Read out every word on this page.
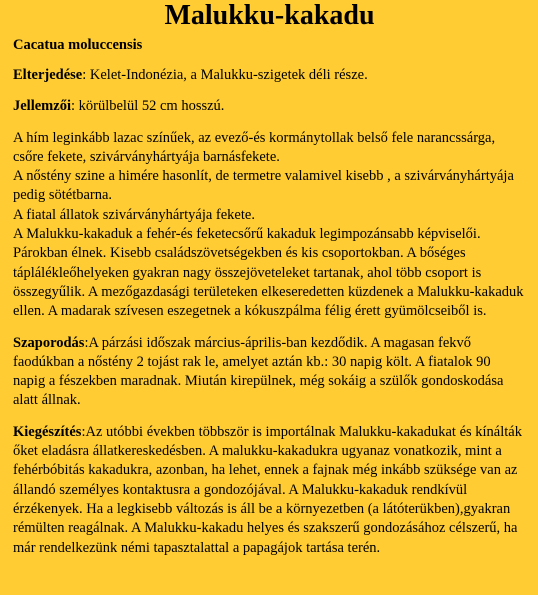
Malukku-kakadu

Cacatua moluccensis

Elterjedése: Kelet-Indonézia, a Malukku-szigetek déli része.

Jellemzői: körülbelül 52 cm hosszú.

A hím leginkább lazac színűek, az evező-és kormánytollak belső fele narancssárga, csőre fekete, szivárványhártyája barnásfekete.

A nőstény szine a himére hasonlít, de termetre valamivel kisebb , a szivárványhártyája pedig sötétbarna.

A fiatal állatok szivárványhártyája fekete.

A Malukku-kakaduk a fehér-és feketecsőrű kakaduk legimpozánsabb képviselői. Párokban élnek. Kisebb családszövetségekben és kis csoportokban. A bőséges táplálékleőhelyeken gyakran nagy összejöveteleket tartanak, ahol több csoport is összegyűlik. A mezőgazdasági területeken elkeseredetten küzdenek a Malukku-kakaduk ellen. A madarak szívesen eszegetnek a kókuszpálma félig érett gyümölcseiből is.

Szaporodás:A párzási időszak március-április-ban kezdődik. A magasan fekvő faodúkban a nőstény 2 tojást rak le, amelyet aztán kb.: 30 napig költ. A fiatalok 90 napig a fészekben maradnak. Miután kirepülnek, még sokáig a szülők gondoskodása alatt állnak.

Kiegészítés:Az utóbbi években többször is importálnak Malukku-kakadukat és kínálták őket eladásra állatkereskedésben. A malukku-kakadukra ugyanaz vonatkozik, mint a fehérbóbitás kakadukra, azonban, ha lehet, ennek a fajnak még inkább szüksége van az állandó személyes kontaktusra a gondozójával. A Malukku-kakaduk rendkívül érzékenyek. Ha a legkisebb változás is áll be a környezetben (a látóterükben),gyakran rémülten reagálnak. A Malukku-kakadu helyes és szakszerű gondozásához célszerű, ha már rendelkezünk némi tapasztalattal a papagájok tartása terén.
